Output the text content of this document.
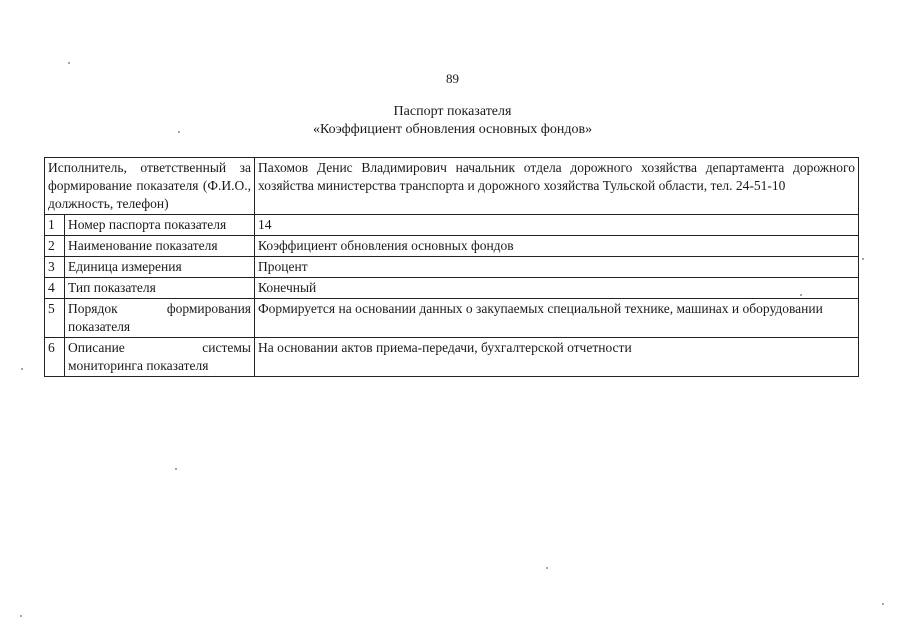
89
Паспорт показателя
«Коэффициент обновления основных фондов»
Исполнитель, ответственный за формирование показателя (Ф.И.О., должность, телефон)		Пахомов Денис Владимирович начальник отдела дорожного хозяйства департамента дорожного хозяйства министерства транспорта и дорожного хозяйства Тульской области, тел. 24-51-10
1	Номер паспорта показателя	14
2	Наименование показателя	Коэффициент обновления основных фондов
3	Единица измерения	Процент
4	Тип показателя	Конечный
5	Порядок формирования показателя	Формируется на основании данных о закупаемых специальной технике, машинах и оборудовании
6	Описание системы мониторинга показателя	На основании актов приема-передачи, бухгалтерской отчетности
